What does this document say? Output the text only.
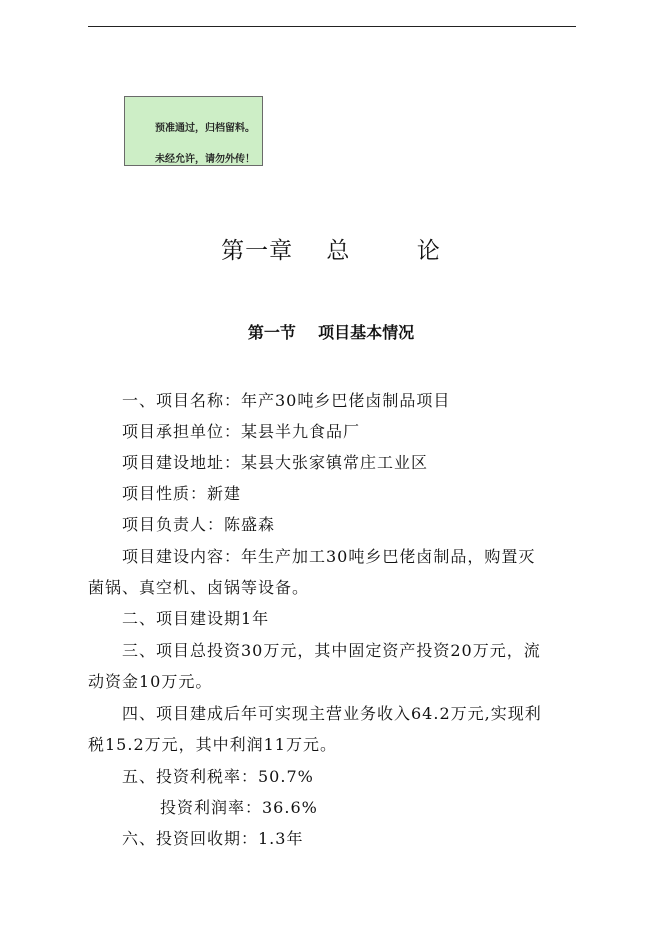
预准通过，归档留料。
未经允许，请勿外传！
第一章    总        论
第一节    项目基本情况
一、项目名称：年产30吨乡巴佬卤制品项目
项目承担单位：某县半九食品厂
项目建设地址：某县大张家镇常庄工业区
项目性质：新建
项目负责人：陈盛森
项目建设内容：年生产加工30吨乡巴佬卤制品，购置灭
菌锅、真空机、卤锅等设备。
二、项目建设期1年
三、项目总投资30万元，其中固定资产投资20万元，流
动资金10万元。
四、项目建成后年可实现主营业务收入64.2万元,实现利
税15.2万元，其中利润11万元。
五、投资利税率：50.7%
投资利润率：36.6%
六、投资回收期：1.3年
